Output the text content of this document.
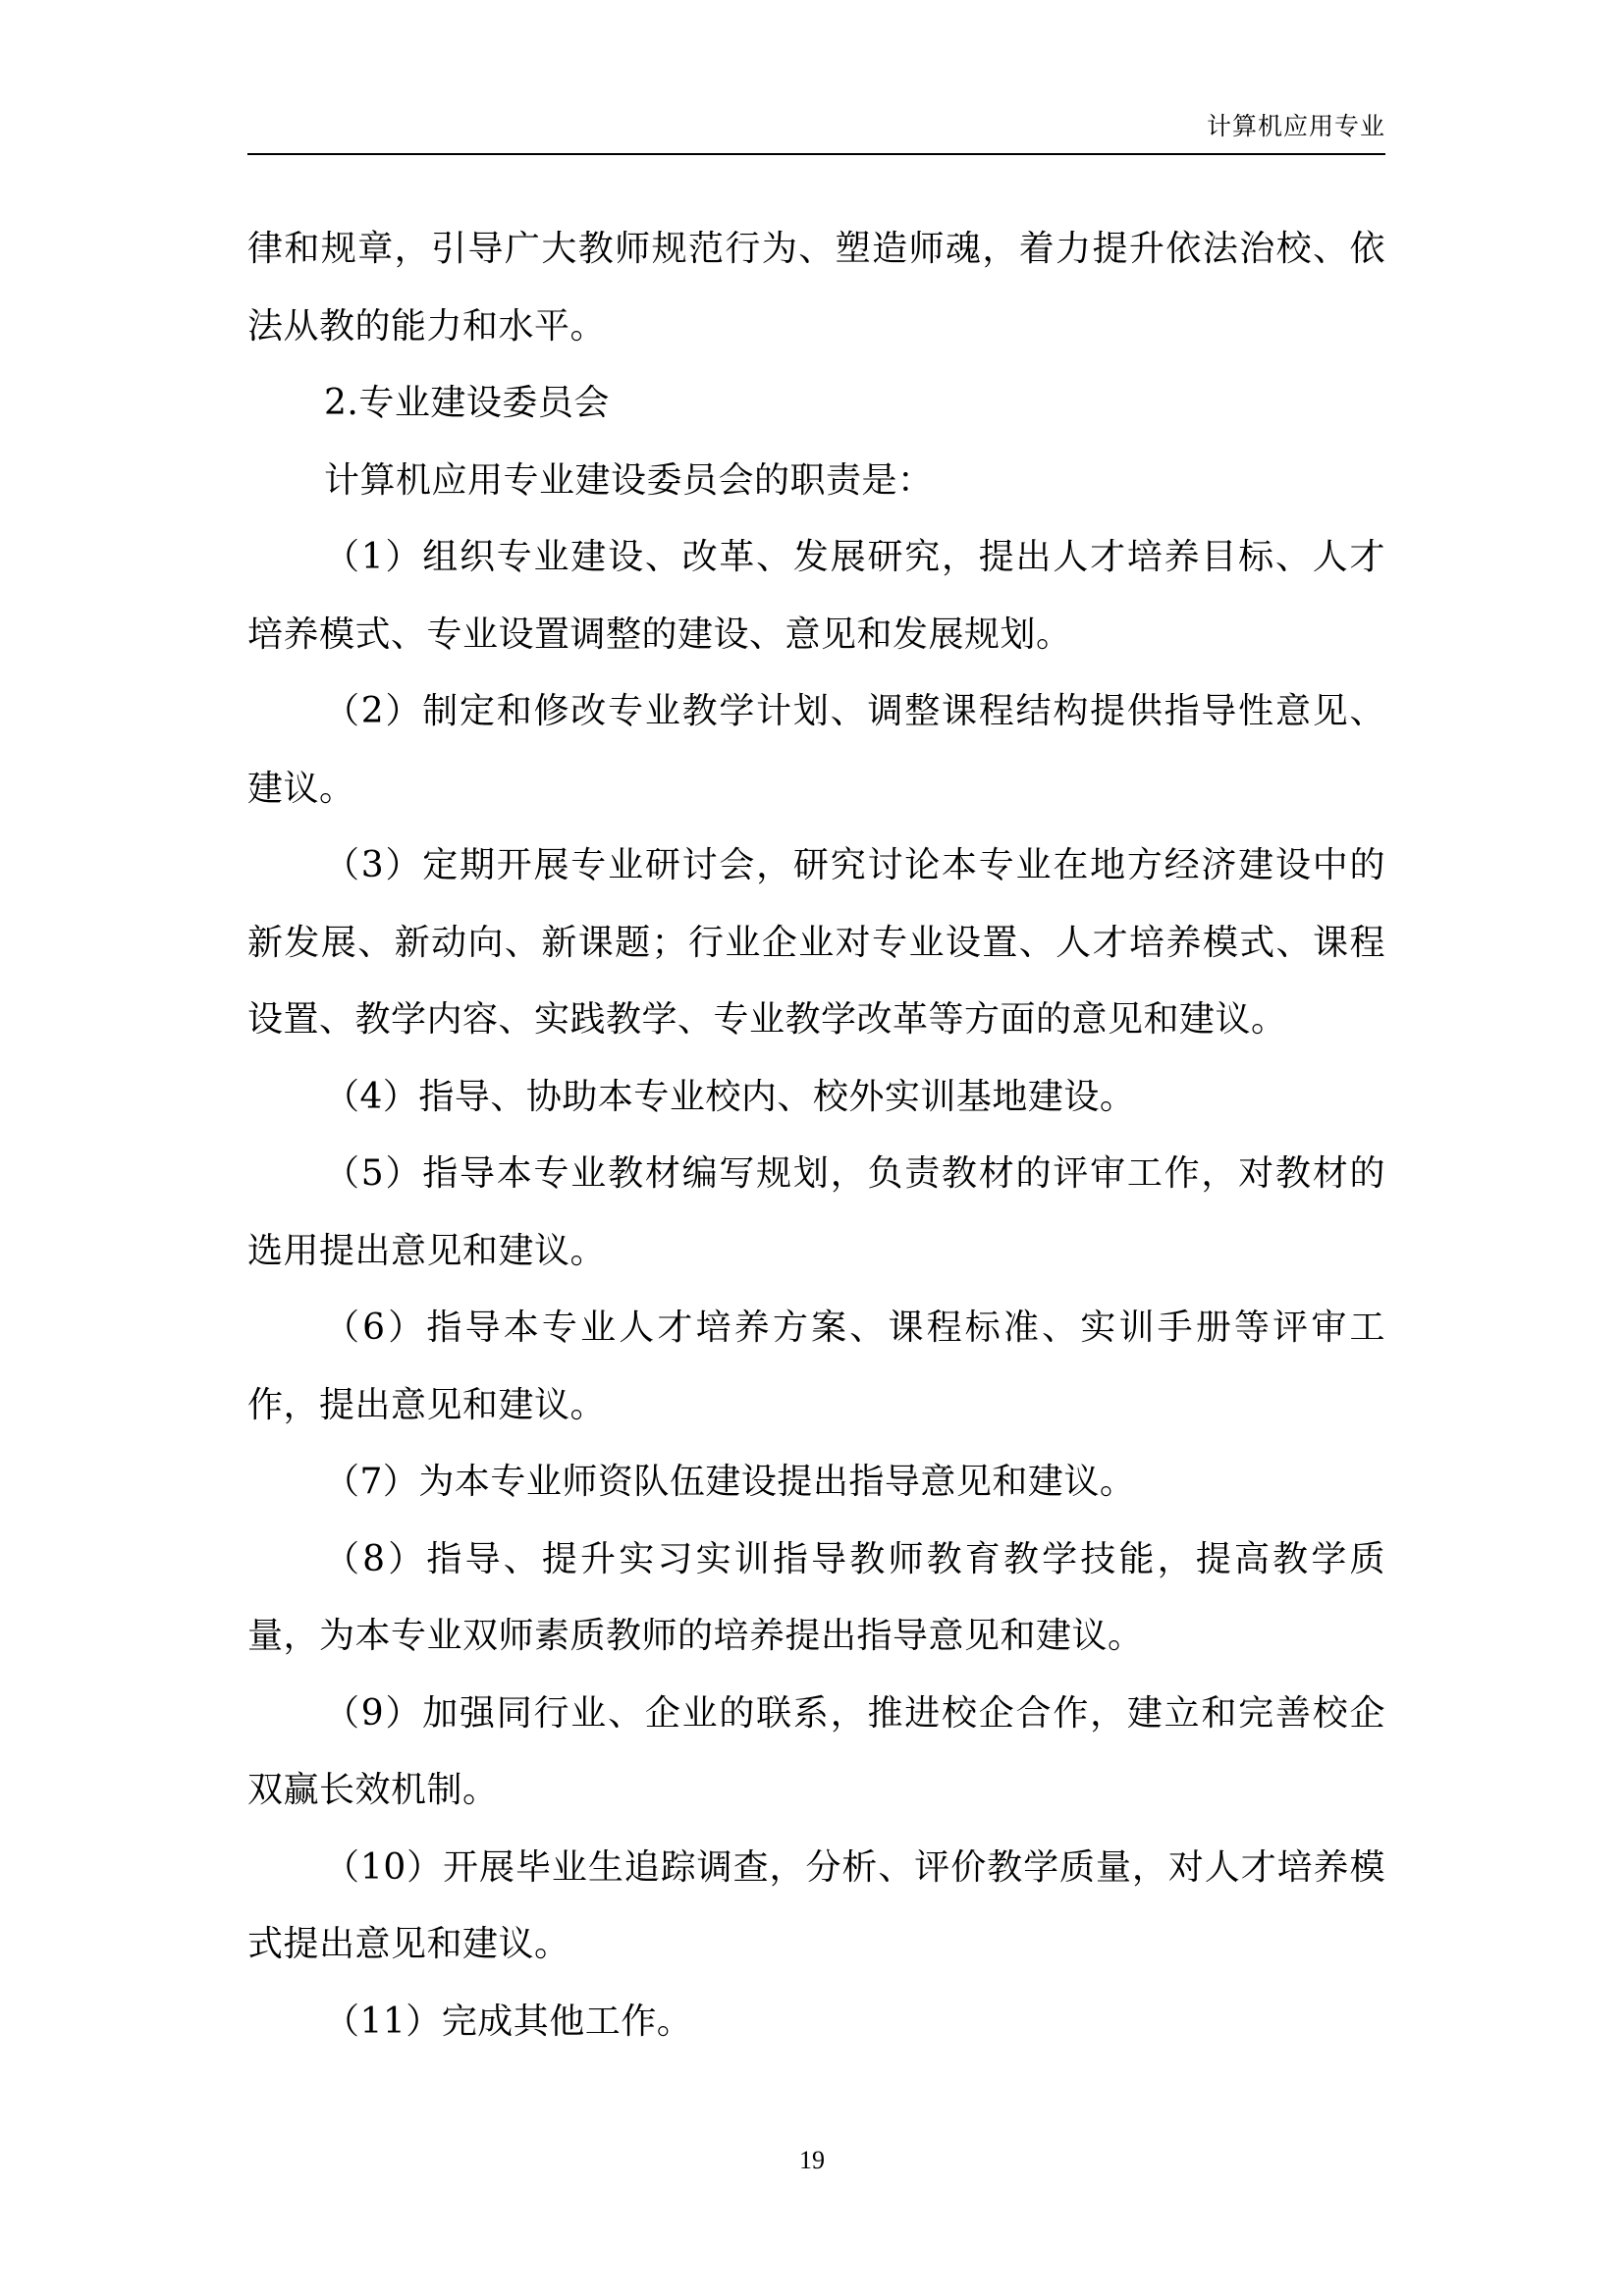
计算机应用专业

律和规章，引导广大教师规范行为、塑造师魂，着力提升依法治校、依法从教的能力和水平。

2.专业建设委员会

计算机应用专业建设委员会的职责是：

（1）组织专业建设、改革、发展研究，提出人才培养目标、人才培养模式、专业设置调整的建设、意见和发展规划。

（2）制定和修改专业教学计划、调整课程结构提供指导性意见、建议。

（3）定期开展专业研讨会，研究讨论本专业在地方经济建设中的新发展、新动向、新课题；行业企业对专业设置、人才培养模式、课程设置、教学内容、实践教学、专业教学改革等方面的意见和建议。

（4）指导、协助本专业校内、校外实训基地建设。

（5）指导本专业教材编写规划，负责教材的评审工作，对教材的选用提出意见和建议。

（6）指导本专业人才培养方案、课程标准、实训手册等评审工作，提出意见和建议。

（7）为本专业师资队伍建设提出指导意见和建议。

（8）指导、提升实习实训指导教师教育教学技能，提高教学质量，为本专业双师素质教师的培养提出指导意见和建议。

（9）加强同行业、企业的联系，推进校企合作，建立和完善校企双赢长效机制。

（10）开展毕业生追踪调查，分析、评价教学质量，对人才培养模式提出意见和建议。

（11）完成其他工作。

19
